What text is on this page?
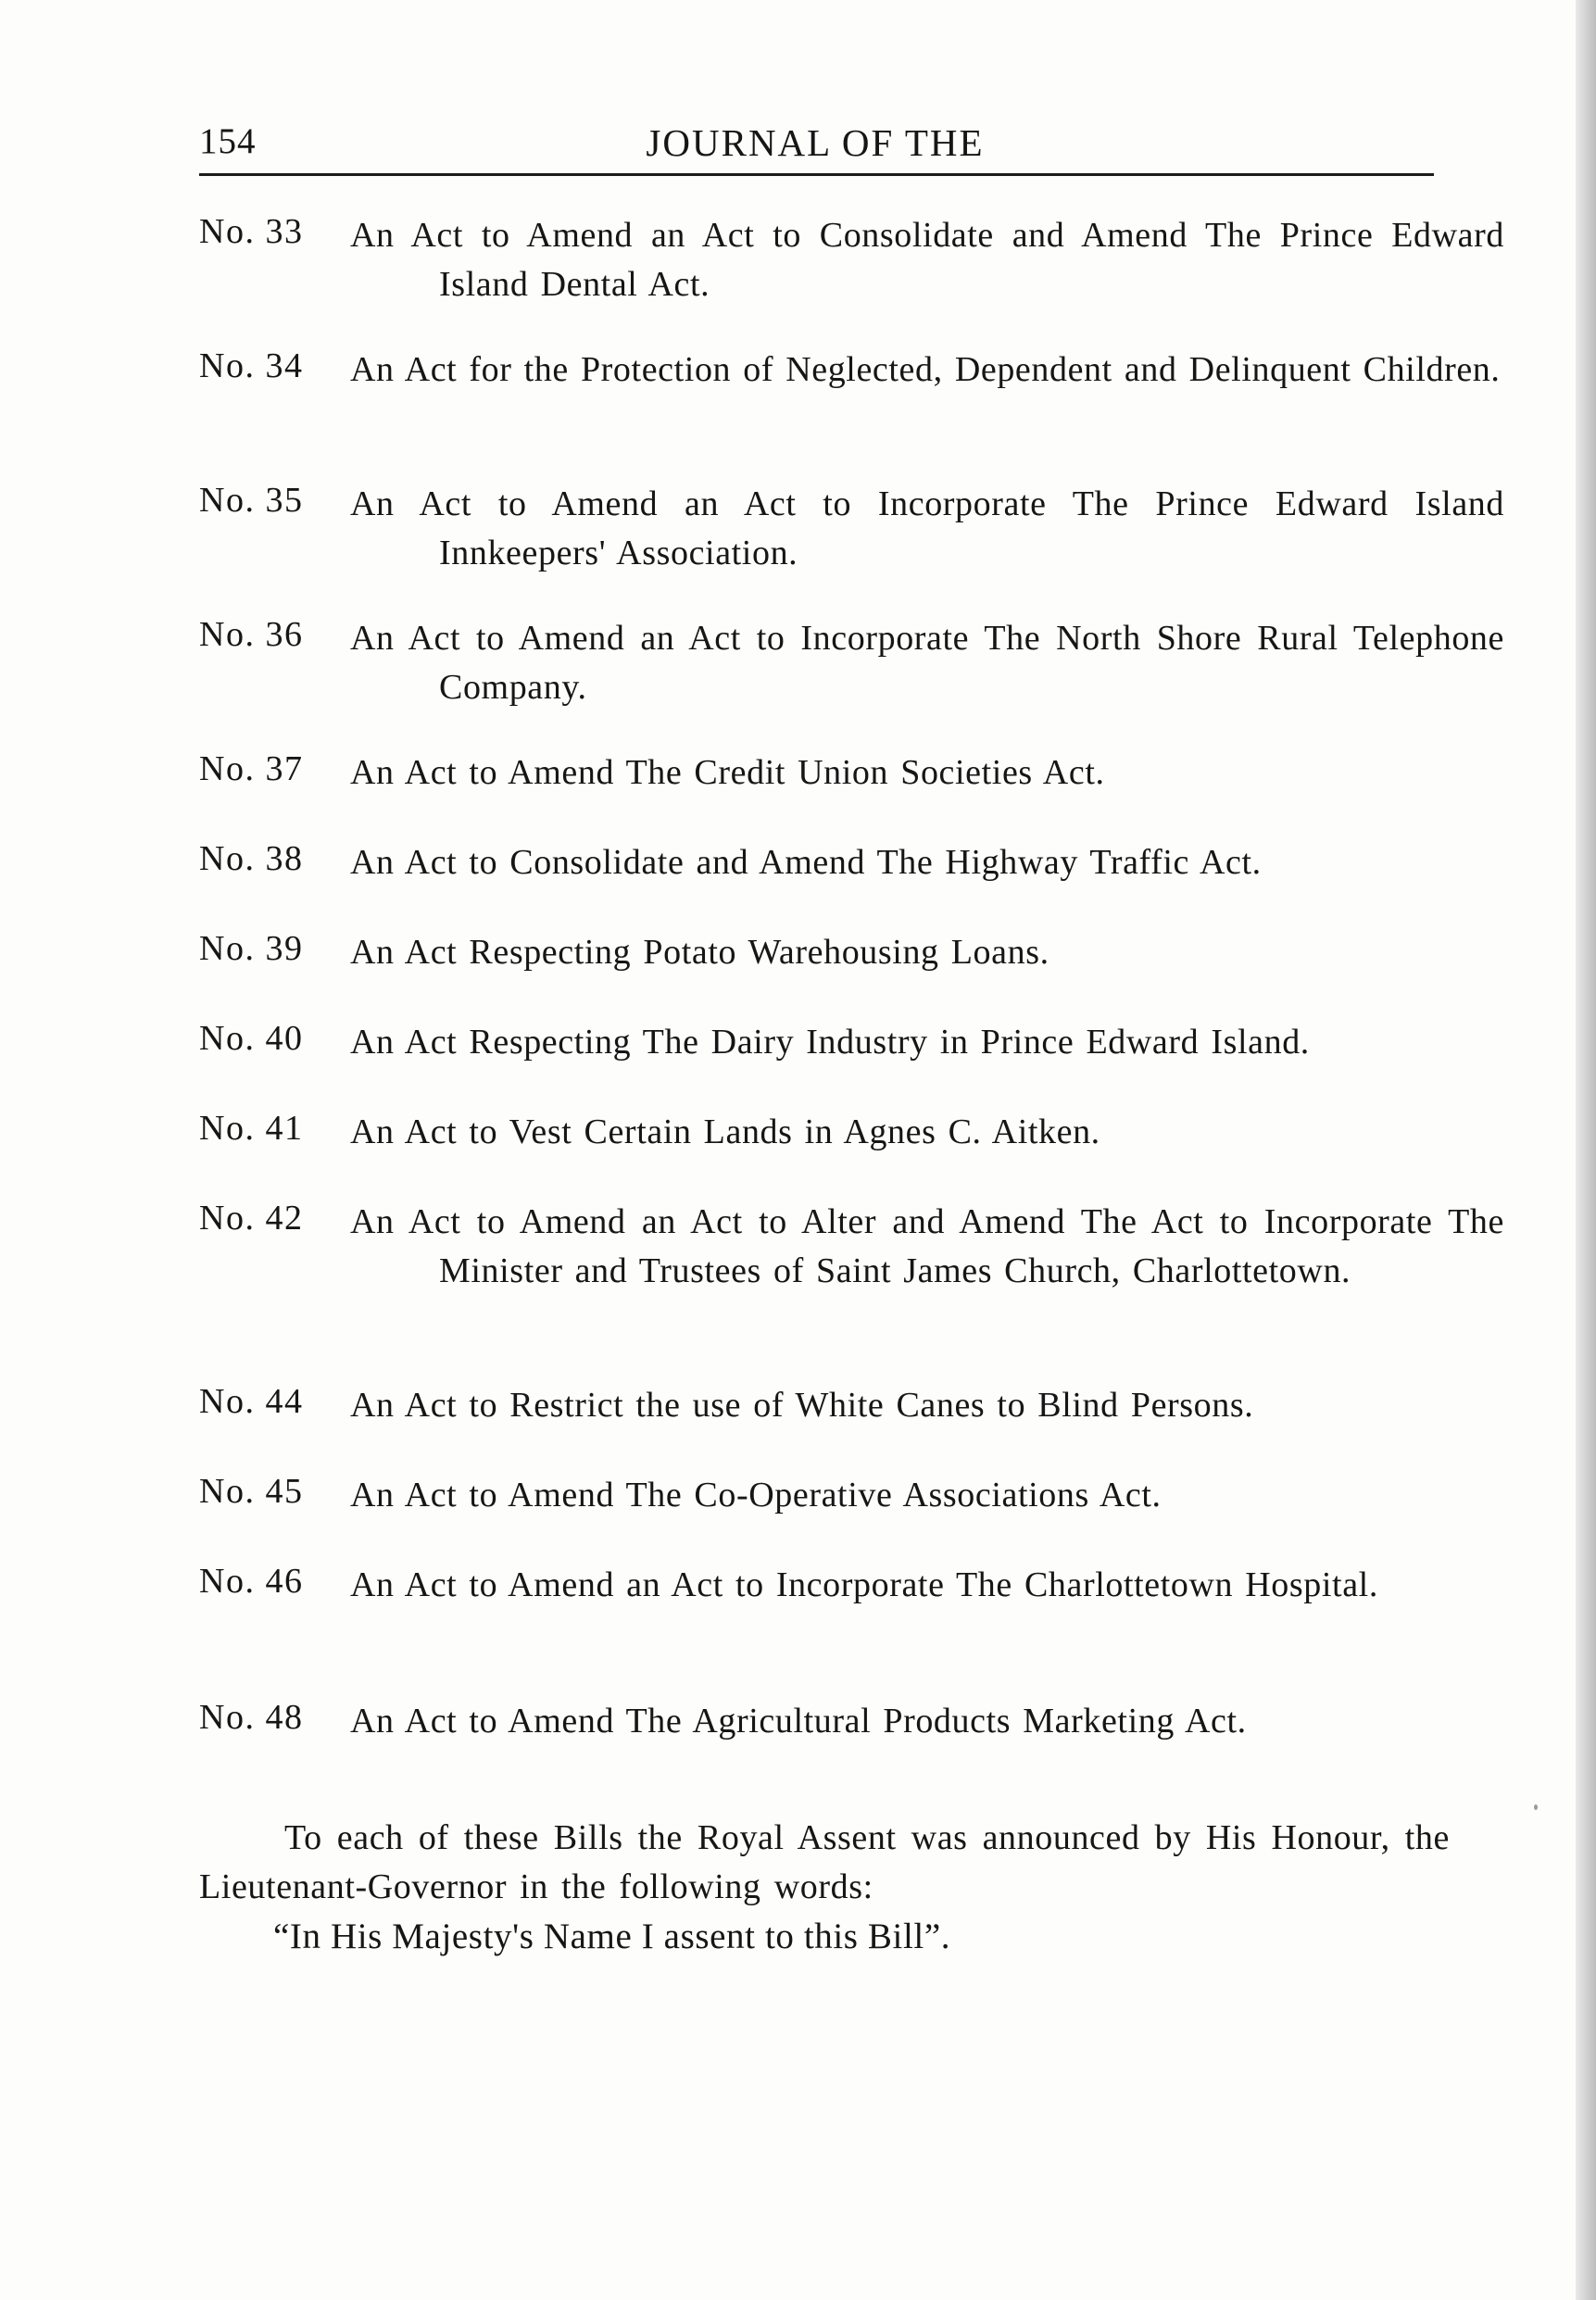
154	JOURNAL OF THE
No. 33 An Act to Amend an Act to Consolidate and Amend The Prince Edward Island Dental Act.
No. 34 An Act for the Protection of Neglected, Dependent and Delinquent Children.
No. 35 An Act to Amend an Act to Incorporate The Prince Edward Island Innkeepers' Association.
No. 36 An Act to Amend an Act to Incorporate The North Shore Rural Telephone Company.
No. 37 An Act to Amend The Credit Union Societies Act.
No. 38 An Act to Consolidate and Amend The Highway Traffic Act.
No. 39 An Act Respecting Potato Warehousing Loans.
No. 40 An Act Respecting The Dairy Industry in Prince Edward Island.
No. 41 An Act to Vest Certain Lands in Agnes C. Aitken.
No. 42 An Act to Amend an Act to Alter and Amend The Act to Incorporate The Minister and Trustees of Saint James Church, Charlottetown.
No. 44 An Act to Restrict the use of White Canes to Blind Persons.
No. 45 An Act to Amend The Co-Operative Associations Act.
No. 46 An Act to Amend an Act to Incorporate The Charlottetown Hospital.
No. 48 An Act to Amend The Agricultural Products Marketing Act.

To each of these Bills the Royal Assent was announced by His Honour, the Lieutenant-Governor in the following words:

“In His Majesty's Name I assent to this Bill”.
